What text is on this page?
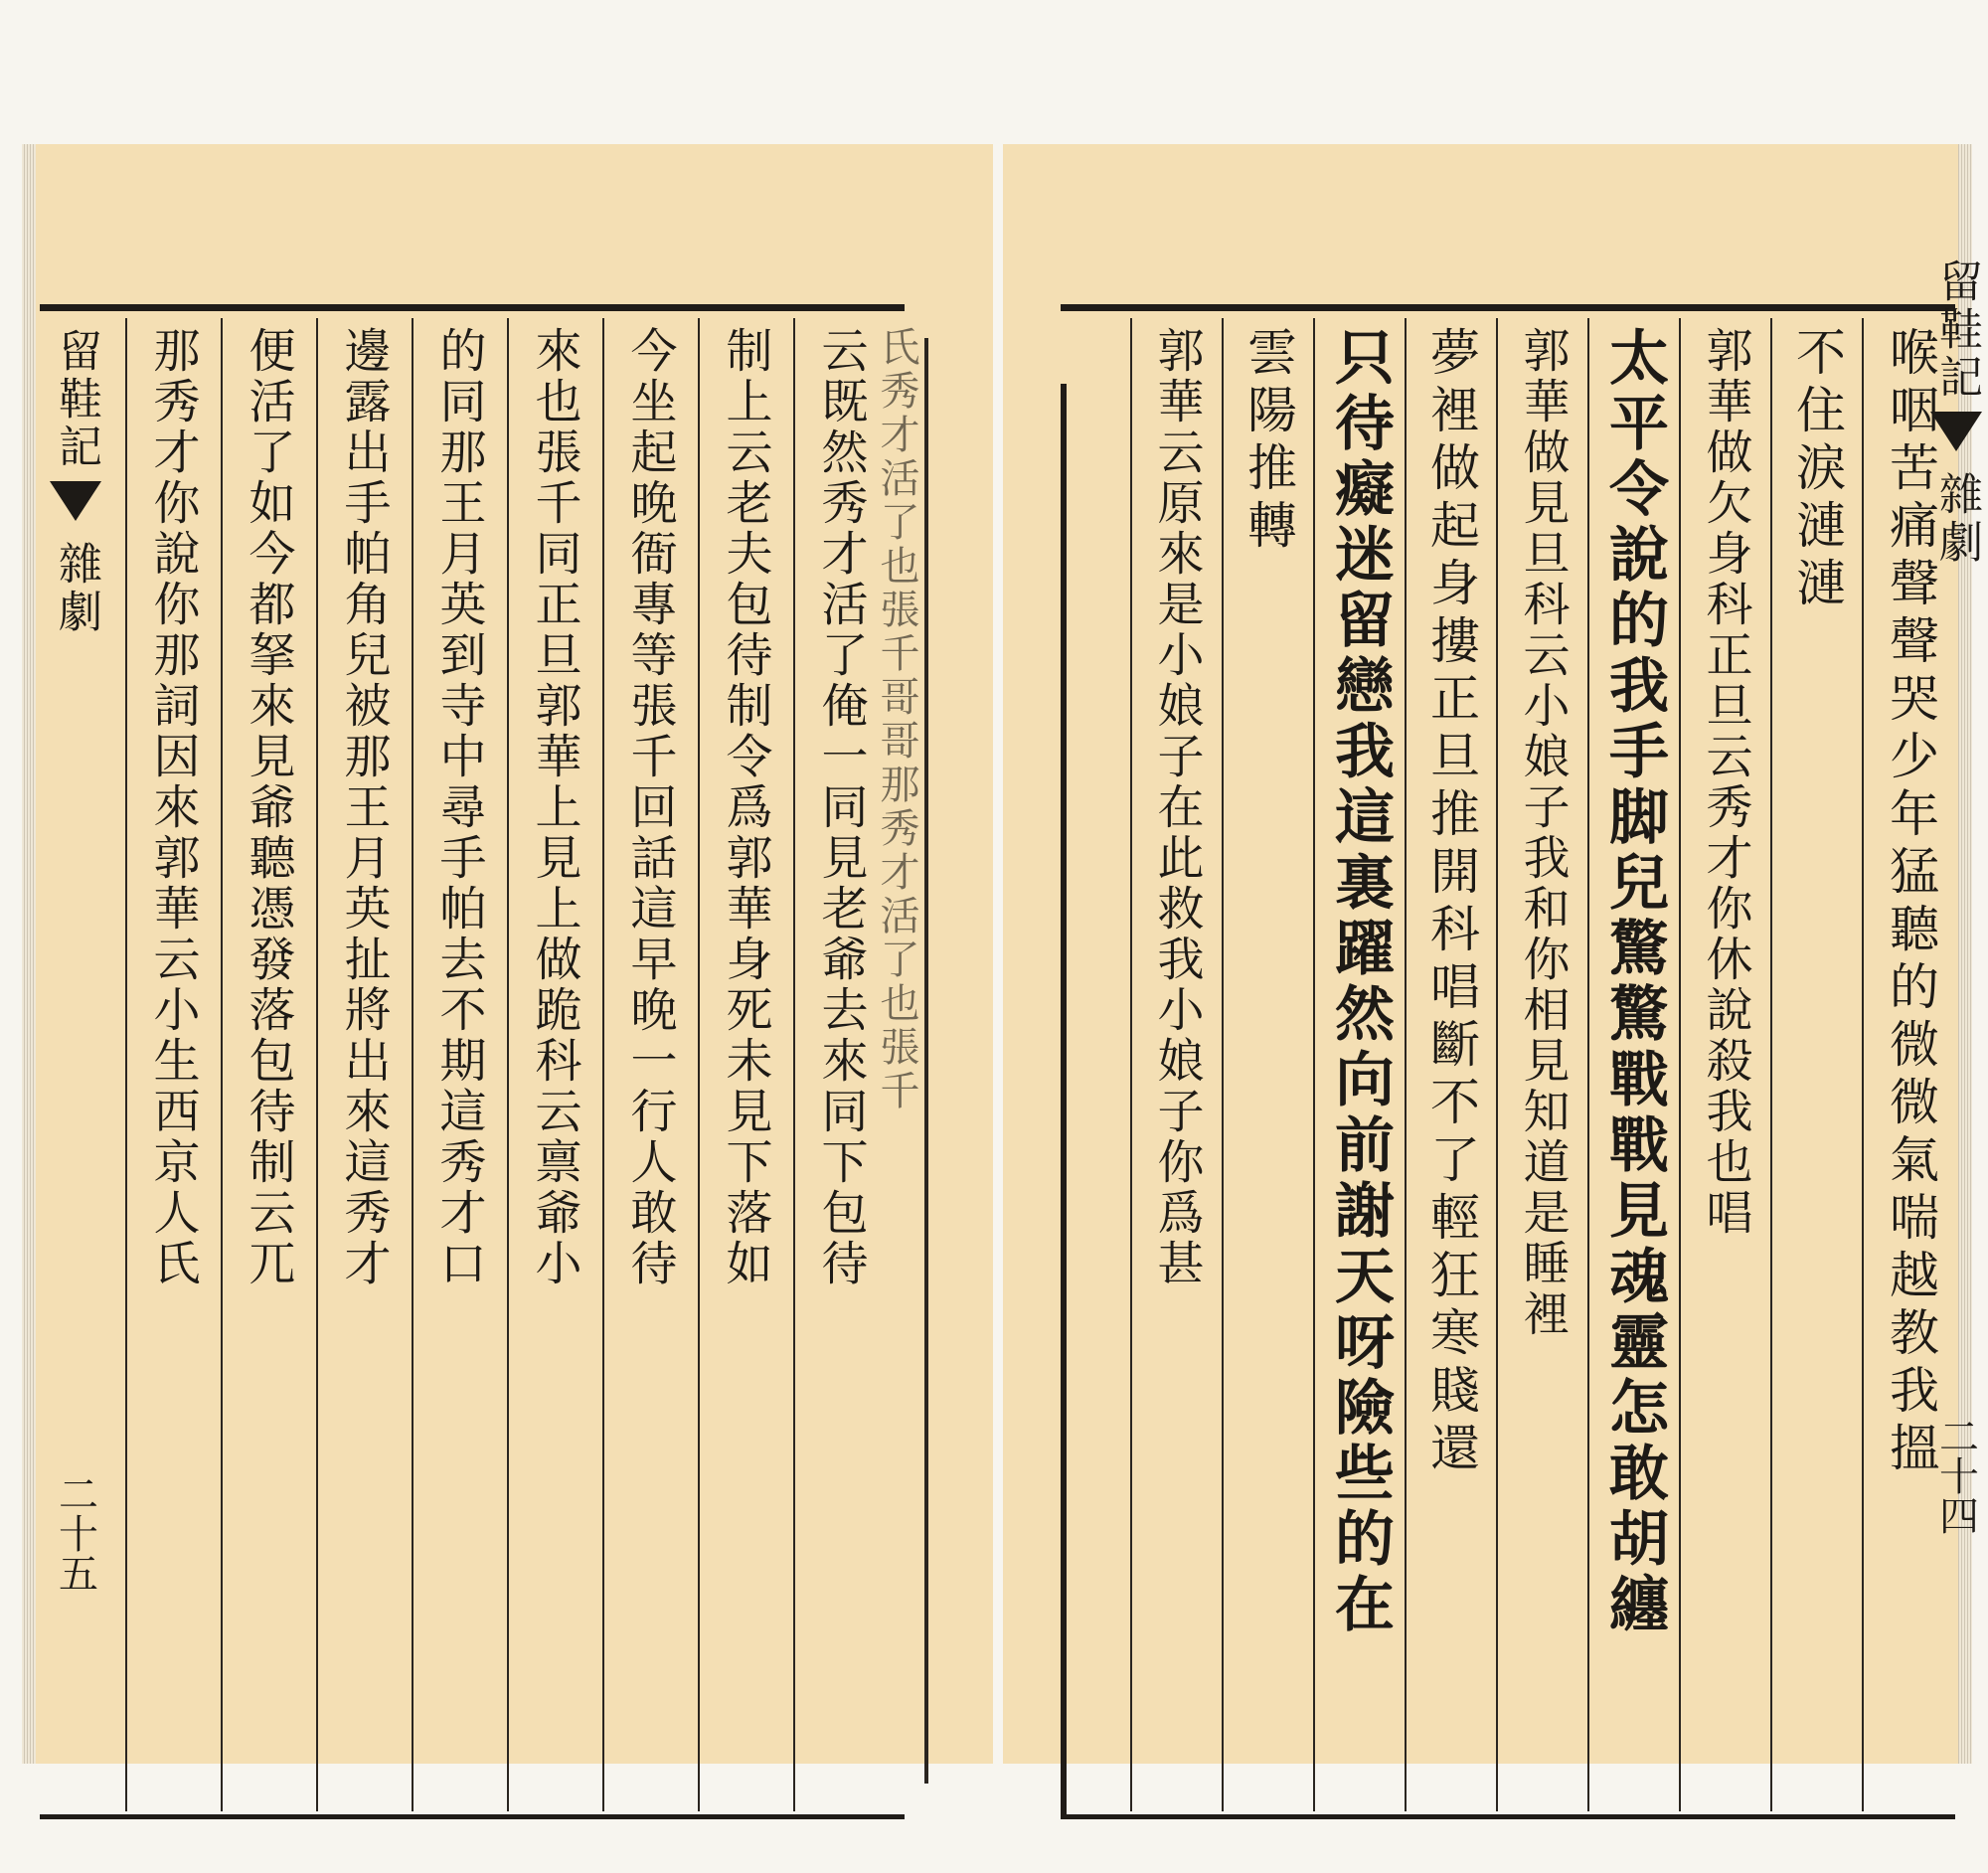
留鞋記
雜劇
二十五
那秀才你說你那詞因來郭華云小生西京人氏 便活了如今都拏來見爺聽憑發落包待制云兀 邊露出手帕角兒被那王月英扯將出來這秀才 的同那王月英到寺中尋手帕去不期這秀才口 來也張千同正旦郭華上見上做跪科云禀爺小 今坐起晚衙專等張千回話這早晚一行人敢待 制上云老夫包待制令爲郭華身死未見下落如 云既然秀才活了俺一同見老爺去來同下包待 氏秀才活了也張千哥哥那秀才活了也張千	郭華云原來是小娘子在此救我小娘子你爲甚 雲陽推轉 只待癡迷留戀我這裏躍然向前謝天呀險些的在 夢裡做起身摟正旦推開科唱斷不了輕狂寒賤還 郭華做見旦科云小娘子我和你相見知道是睡裡 太平令說的我手脚兒驚驚戰戰見魂靈怎敢胡纏 郭華做欠身科正旦云秀才你休說殺我也唱 不住淚漣漣 喉咽苦痛聲聲哭少年猛聽的微微氣喘越教我搵
留鞋記
雜劇
二十四
